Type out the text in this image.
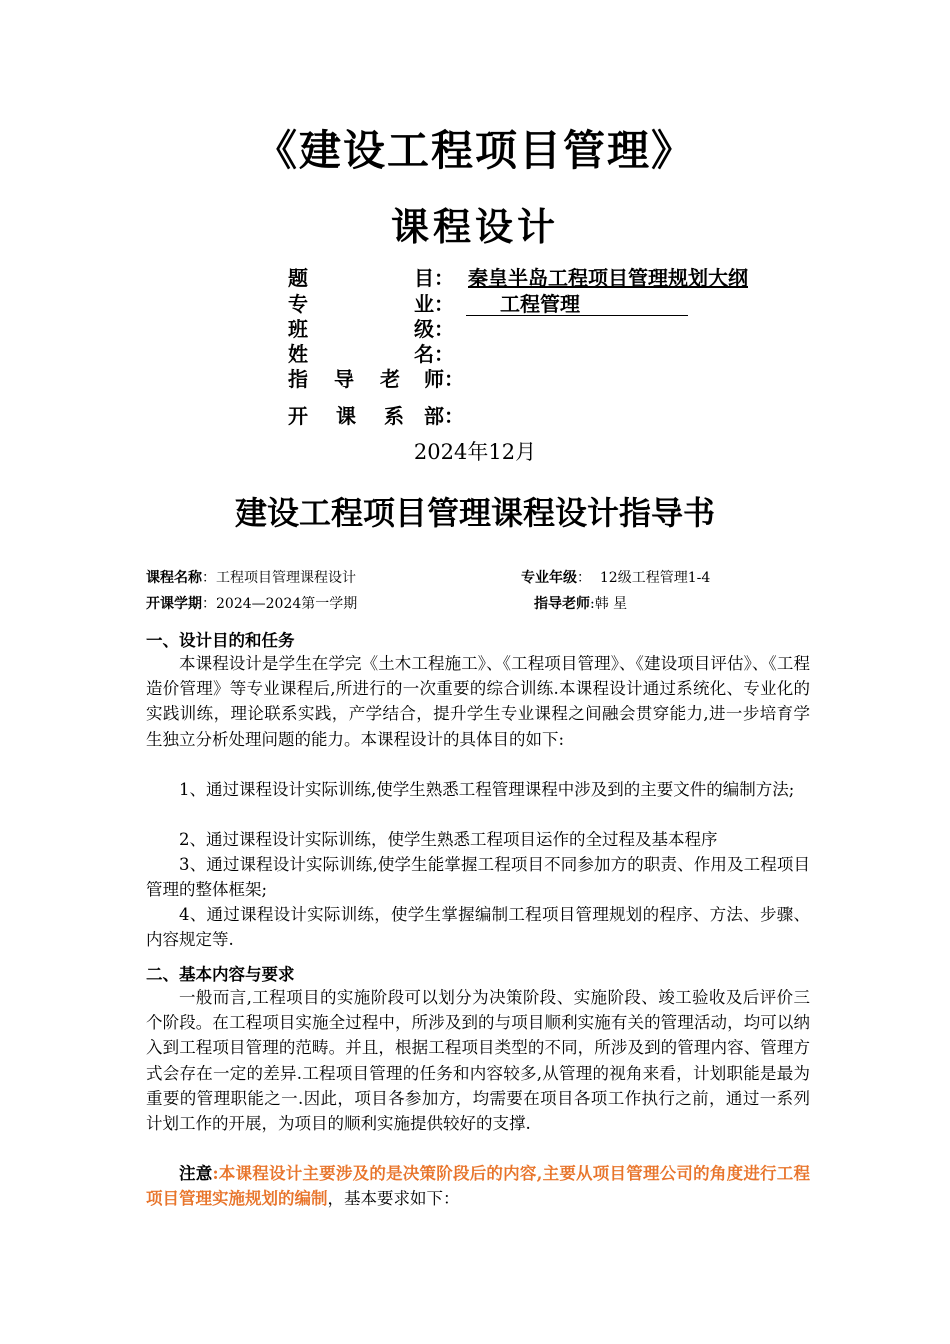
《建设工程项目管理》
课程设计
题	目： 秦皇半岛工程项目管理规划大纲
专	业： 工程管理
班	级：
姓	名：
指 导 老 师：
开 课 系 部：
2024年12月
建设工程项目管理课程设计指导书
课程名称：工程项目管理课程设计	专业年级：  12级工程管理1-4
开课学期：2024—2024第一学期	指导老师:韩 星
一、设计目的和任务
本课程设计是学生在学完《土木工程施工》、《工程项目管理》、《建设项目评估》、《工程造价管理》等专业课程后,所进行的一次重要的综合训练.本课程设计通过系统化、专业化的实践训练，理论联系实践，产学结合，提升学生专业课程之间融会贯穿能力,进一步培育学生独立分析处理问题的能力。本课程设计的具体目的如下:
1、通过课程设计实际训练,使学生熟悉工程管理课程中涉及到的主要文件的编制方法;
2、通过课程设计实际训练，使学生熟悉工程项目运作的全过程及基本程序
3、通过课程设计实际训练,使学生能掌握工程项目不同参加方的职责、作用及工程项目管理的整体框架;
4、通过课程设计实际训练，使学生掌握编制工程项目管理规划的程序、方法、步骤、内容规定等.
二、基本内容与要求
一般而言,工程项目的实施阶段可以划分为决策阶段、实施阶段、竣工验收及后评价三个阶段。在工程项目实施全过程中，所涉及到的与项目顺利实施有关的管理活动，均可以纳入到工程项目管理的范畴。并且，根据工程项目类型的不同，所涉及到的管理内容、管理方式会存在一定的差异.工程项目管理的任务和内容较多,从管理的视角来看，计划职能是最为重要的管理职能之一.因此，项目各参加方，均需要在项目各项工作执行之前，通过一系列计划工作的开展，为项目的顺利实施提供较好的支撑.
注意:本课程设计主要涉及的是决策阶段后的内容,主要从项目管理公司的角度进行工程项目管理实施规划的编制，基本要求如下：
